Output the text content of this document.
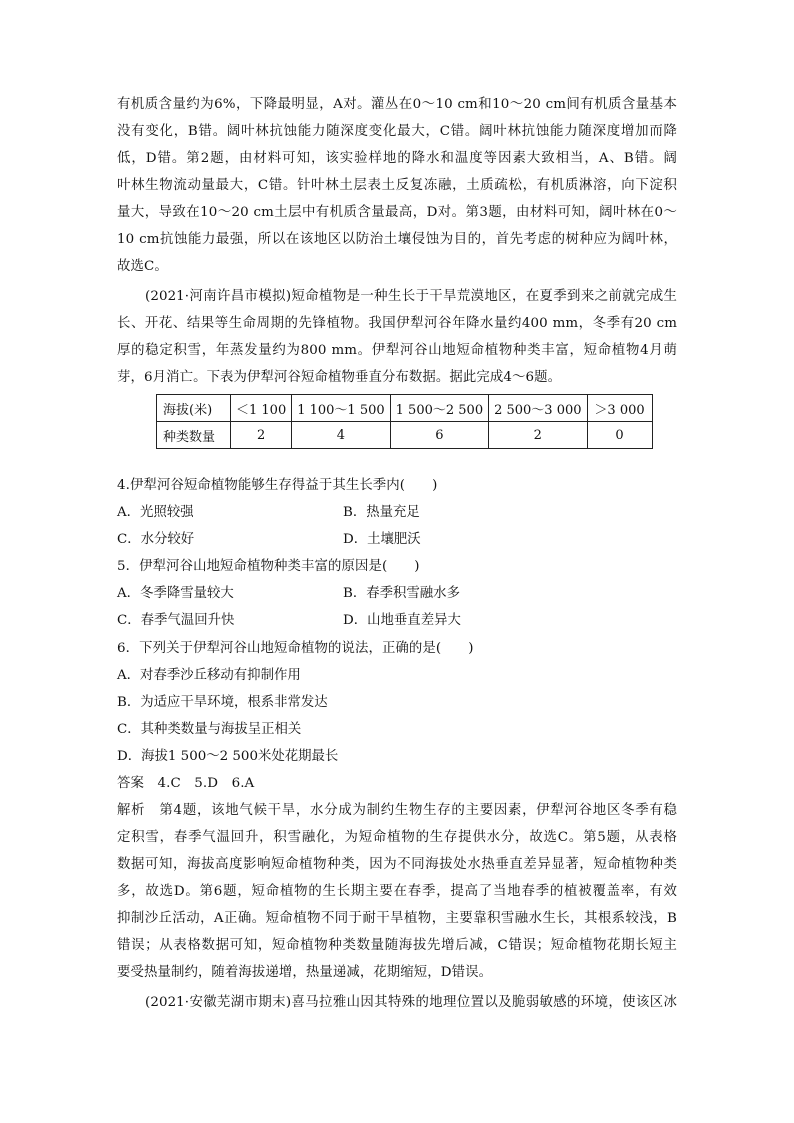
有机质含量约为6%，下降最明显，A对。灌丛在0～10 cm和10～20 cm间有机质含量基本
没有变化，B错。阔叶林抗蚀能力随深度变化最大，C错。阔叶林抗蚀能力随深度增加而降
低，D错。第2题，由材料可知，该实验样地的降水和温度等因素大致相当，A、B错。阔
叶林生物流动量最大，C错。针叶林土层表土反复冻融，土质疏松，有机质淋溶，向下淀积
量大，导致在10～20 cm土层中有机质含量最高，D对。第3题，由材料可知，阔叶林在0～
10 cm抗蚀能力最强，所以在该地区以防治土壤侵蚀为目的，首先考虑的树种应为阔叶林，
故选C。
(2021·河南许昌市模拟)短命植物是一种生长于干旱荒漠地区，在夏季到来之前就完成生
长、开花、结果等生命周期的先锋植物。我国伊犁河谷年降水量约400 mm，冬季有20 cm
厚的稳定积雪，年蒸发量约为800 mm。伊犁河谷山地短命植物种类丰富，短命植物4月萌
芽，6月消亡。下表为伊犁河谷短命植物垂直分布数据。据此完成4～6题。
海拔(米)	＜1 100	1 100～1 500	1 500～2 500	2 500～3 000	＞3 000
种类数量	2	4	6	2	0
4.伊犁河谷短命植物能够生存得益于其生长季内(　　)
A．光照较强	B．热量充足
C．水分较好	D．土壤肥沃
5．伊犁河谷山地短命植物种类丰富的原因是(　　)
A．冬季降雪量较大	B．春季积雪融水多
C．春季气温回升快	D．山地垂直差异大
6．下列关于伊犁河谷山地短命植物的说法，正确的是(　　)
A．对春季沙丘移动有抑制作用
B．为适应干旱环境，根系非常发达
C．其种类数量与海拔呈正相关
D．海拔1 500～2 500米处花期最长
答案　4.C　5.D　6.A
解析　第4题，该地气候干旱，水分成为制约生物生存的主要因素，伊犁河谷地区冬季有稳
定积雪，春季气温回升，积雪融化，为短命植物的生存提供水分，故选C。第5题，从表格
数据可知，海拔高度影响短命植物种类，因为不同海拔处水热垂直差异显著，短命植物种类
多，故选D。第6题，短命植物的生长期主要在春季，提高了当地春季的植被覆盖率，有效
抑制沙丘活动，A正确。短命植物不同于耐干旱植物，主要靠积雪融水生长，其根系较浅，B
错误；从表格数据可知，短命植物种类数量随海拔先增后减，C错误；短命植物花期长短主
要受热量制约，随着海拔递增，热量递减，花期缩短，D错误。
(2021·安徽芜湖市期末)喜马拉雅山因其特殊的地理位置以及脆弱敏感的环境，使该区冰
